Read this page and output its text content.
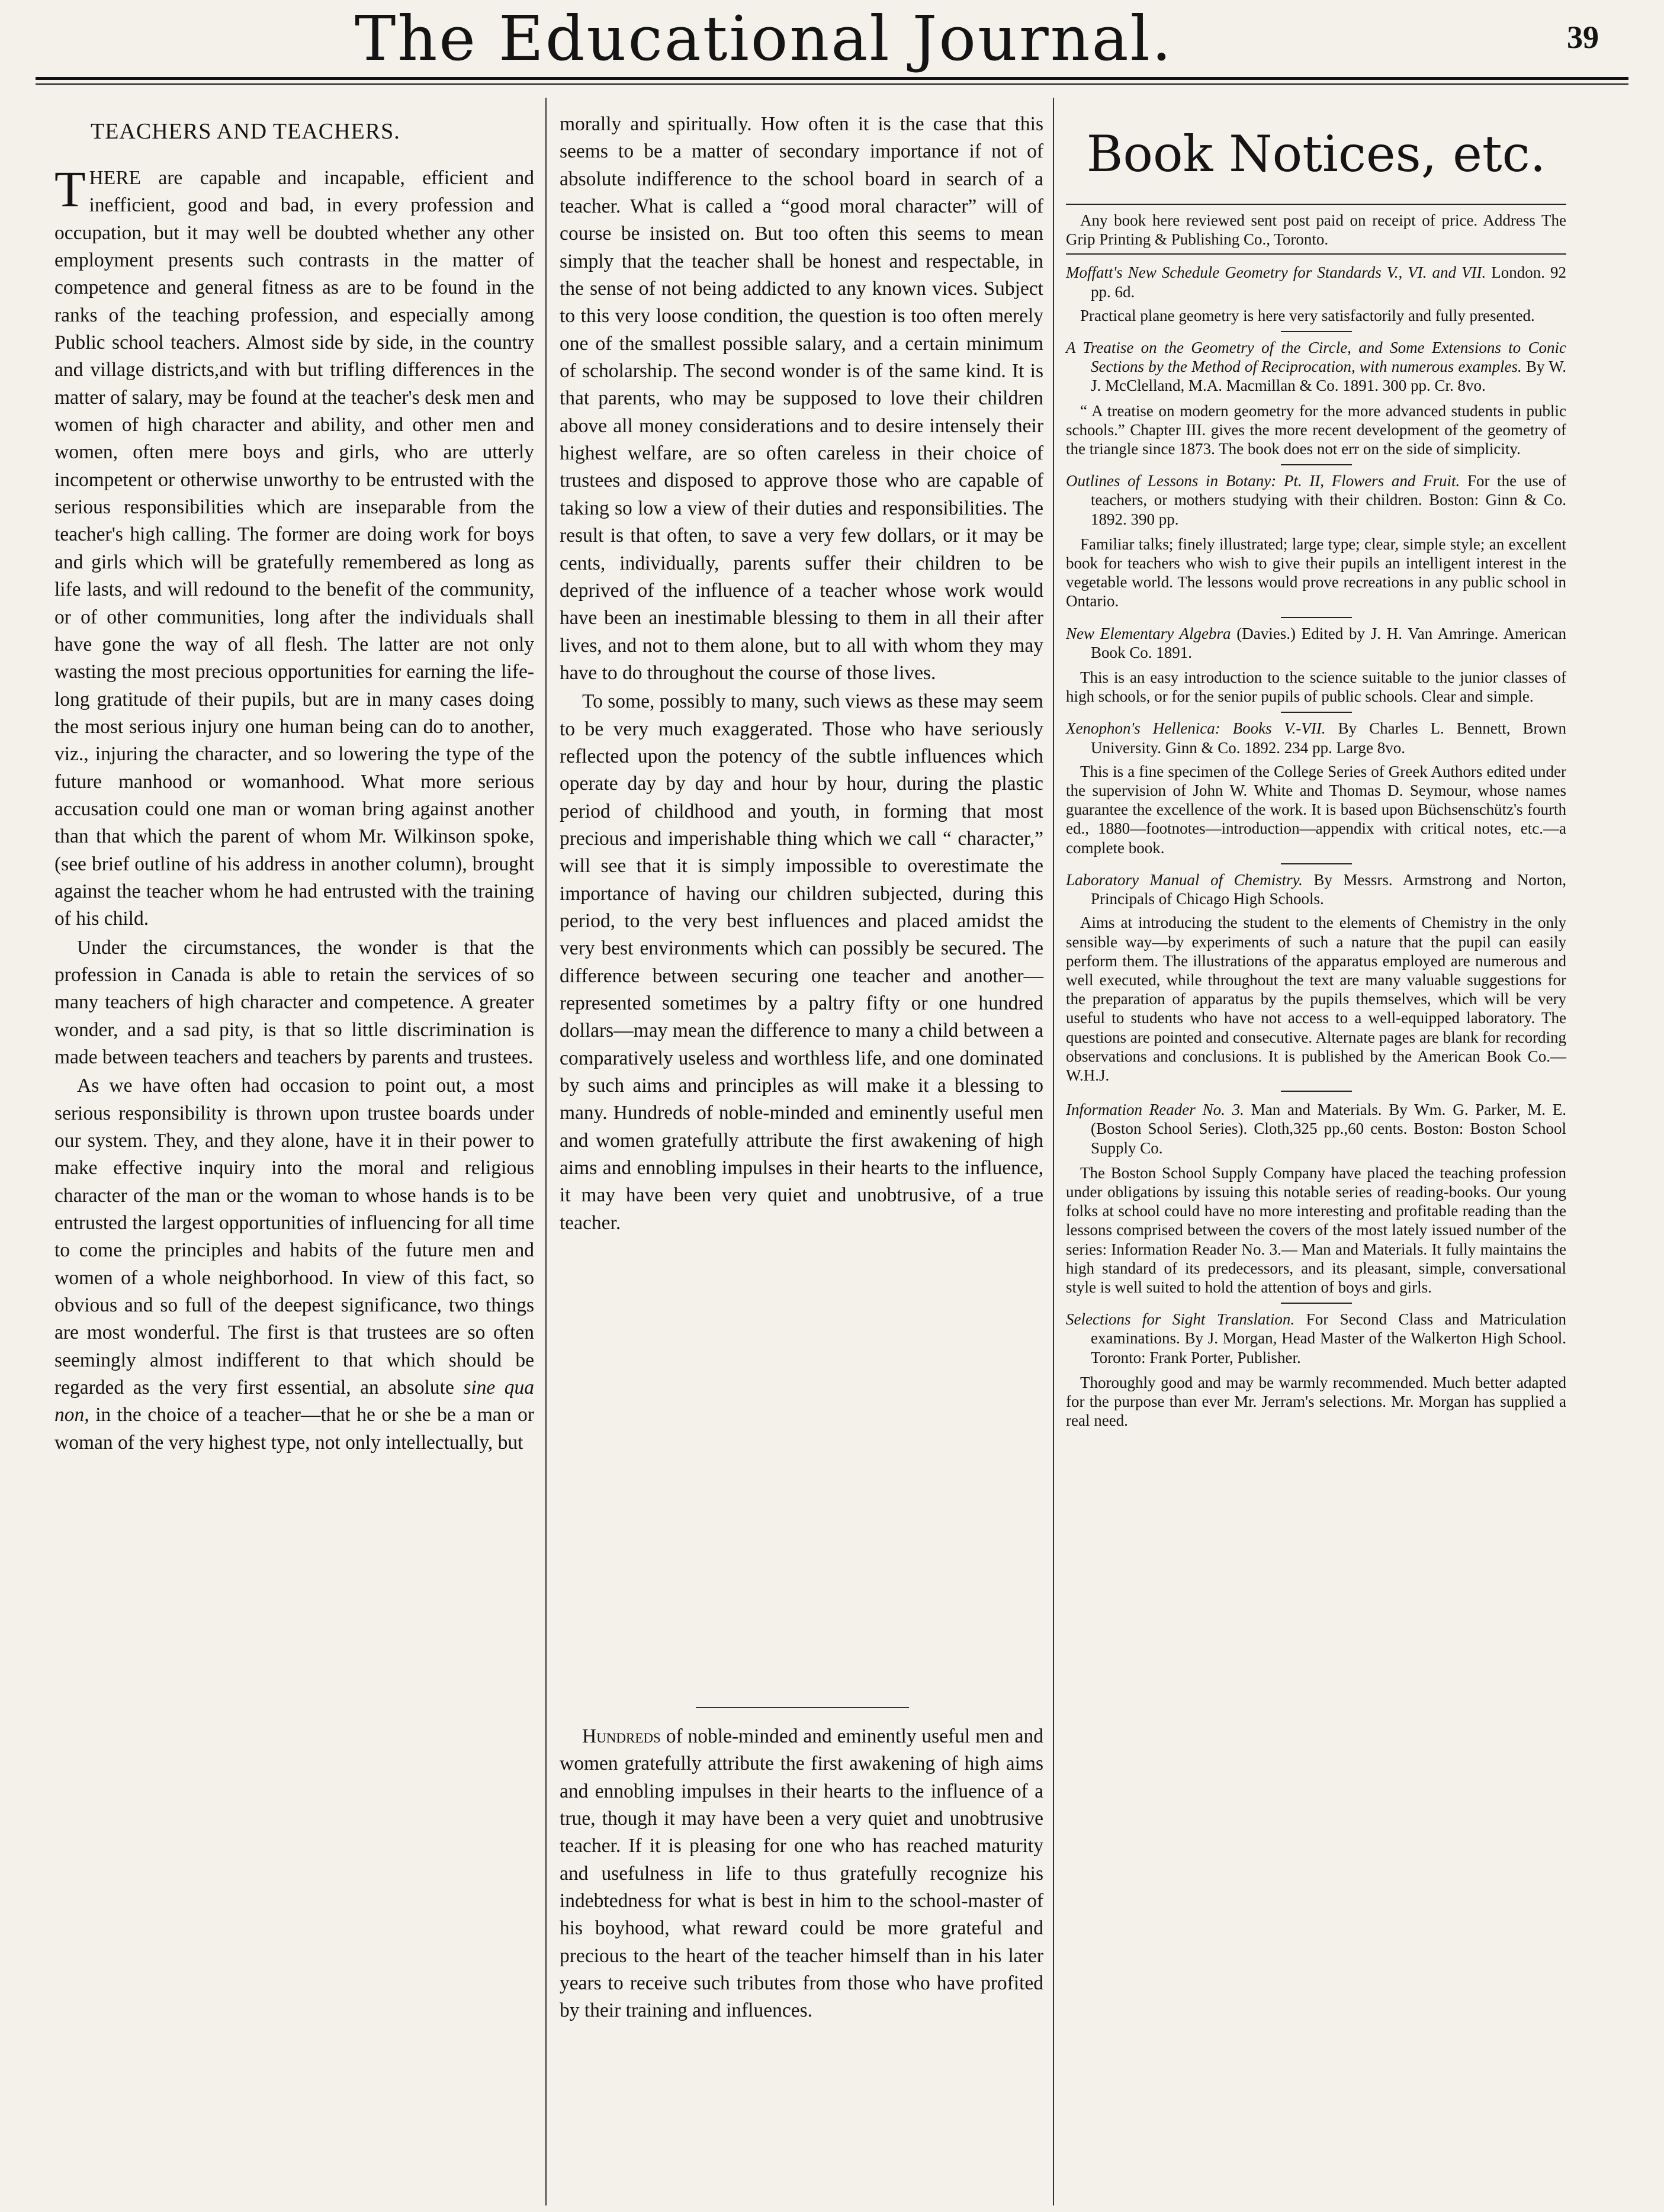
The Educational Journal.	39
TEACHERS AND TEACHERS.

THERE are capable and incapable, efficient and inefficient, good and bad, in every profession and occupation, but it may well be doubted whether any other employment presents such contrasts in the matter of competence and general fitness as are to be found in the ranks of the teaching profession, and especially among Public school teachers. Almost side by side, in the country and village districts,and with but trifling differences in the matter of salary, may be found at the teacher's desk men and women of high character and ability, and other men and women, often mere boys and girls, who are utterly incompetent or otherwise unworthy to be entrusted with the serious responsibilities which are inseparable from the teacher's high calling. The former are doing work for boys and girls which will be gratefully remembered as long as life lasts, and will redound to the benefit of the community, or of other communities, long after the individuals shall have gone the way of all flesh. The latter are not only wasting the most precious opportunities for earning the life-long gratitude of their pupils, but are in many cases doing the most serious injury one human being can do to another, viz., injuring the character, and so lowering the type of the future manhood or womanhood. What more serious accusation could one man or woman bring against another than that which the parent of whom Mr. Wilkinson spoke, (see brief outline of his address in another column), brought against the teacher whom he had entrusted with the training of his child.

Under the circumstances, the wonder is that the profession in Canada is able to retain the services of so many teachers of high character and competence. A greater wonder, and a sad pity, is that so little discrimination is made between teachers and teachers by parents and trustees.

As we have often had occasion to point out, a most serious responsibility is thrown upon trustee boards under our system. They, and they alone, have it in their power to make effective inquiry into the moral and religious character of the man or the woman to whose hands is to be entrusted the largest opportunities of influencing for all time to come the principles and habits of the future men and women of a whole neighborhood. In view of this fact, so obvious and so full of the deepest significance, two things are most wonderful. The first is that trustees are so often seemingly almost indifferent to that which should be regarded as the very first essential, an absolute sine qua non, in the choice of a teacher—that he or she be a man or woman of the very highest type, not only intellectually, but

morally and spiritually. How often it is the case that this seems to be a matter of secondary importance if not of absolute indifference to the school board in search of a teacher. What is called a “good moral character” will of course be insisted on. But too often this seems to mean simply that the teacher shall be honest and respectable, in the sense of not being addicted to any known vices. Subject to this very loose condition, the question is too often merely one of the smallest possible salary, and a certain minimum of scholarship. The second wonder is of the same kind. It is that parents, who may be supposed to love their children above all money considerations and to desire intensely their highest welfare, are so often careless in their choice of trustees and disposed to approve those who are capable of taking so low a view of their duties and responsibilities. The result is that often, to save a very few dollars, or it may be cents, individually, parents suffer their children to be deprived of the influence of a teacher whose work would have been an inestimable blessing to them in all their after lives, and not to them alone, but to all with whom they may have to do throughout the course of those lives.

To some, possibly to many, such views as these may seem to be very much exaggerated. Those who have seriously reflected upon the potency of the subtle influences which operate day by day and hour by hour, during the plastic period of childhood and youth, in forming that most precious and imperishable thing which we call “ character,” will see that it is simply impossible to overestimate the importance of having our children subjected, during this period, to the very best influences and placed amidst the very best environments which can possibly be secured. The difference between securing one teacher and another—represented sometimes by a paltry fifty or one hundred dollars—may mean the difference to many a child between a comparatively useless and worthless life, and one dominated by such aims and principles as will make it a blessing to many. Hundreds of noble-minded and eminently useful men and women gratefully attribute the first awakening of high aims and ennobling impulses in their hearts to the influence, it may have been very quiet and unobtrusive, of a true teacher.

Hundreds of noble-minded and eminently useful men and women gratefully attribute the first awakening of high aims and ennobling impulses in their hearts to the influence of a true, though it may have been a very quiet and unobtrusive teacher. If it is pleasing for one who has reached maturity and usefulness in life to thus gratefully recognize his indebtedness for what is best in him to the school-master of his boyhood, what reward could be more grateful and precious to the heart of the teacher himself than in his later years to receive such tributes from those who have profited by their training and influences.

Book Notices, etc.

Any book here reviewed sent post paid on receipt of price. Address The Grip Printing & Publishing Co., Toronto.

Moffatt's New Schedule Geometry for Standards V., VI. and VII. London. 92 pp. 6d.

Practical plane geometry is here very satisfactorily and fully presented.

A Treatise on the Geometry of the Circle, and Some Extensions to Conic Sections by the Method of Reciprocation, with numerous examples. By W. J. McClelland, M.A. Macmillan & Co. 1891. 300 pp. Cr. 8vo.

“ A treatise on modern geometry for the more advanced students in public schools.” Chapter III. gives the more recent development of the geometry of the triangle since 1873. The book does not err on the side of simplicity.

Outlines of Lessons in Botany: Pt. II, Flowers and Fruit. For the use of teachers, or mothers studying with their children. Boston: Ginn & Co. 1892. 390 pp.

Familiar talks; finely illustrated; large type; clear, simple style; an excellent book for teachers who wish to give their pupils an intelligent interest in the vegetable world. The lessons would prove recreations in any public school in Ontario.

New Elementary Algebra (Davies.) Edited by J. H. Van Amringe. American Book Co. 1891.

This is an easy introduction to the science suitable to the junior classes of high schools, or for the senior pupils of public schools. Clear and simple.

Xenophon's Hellenica: Books V.-VII. By Charles L. Bennett, Brown University. Ginn & Co. 1892. 234 pp. Large 8vo.

This is a fine specimen of the College Series of Greek Authors edited under the supervision of John W. White and Thomas D. Seymour, whose names guarantee the excellence of the work. It is based upon Büchsenschütz's fourth ed., 1880—footnotes—introduction—appendix with critical notes, etc.—a complete book.

Laboratory Manual of Chemistry. By Messrs. Armstrong and Norton, Principals of Chicago High Schools.

Aims at introducing the student to the elements of Chemistry in the only sensible way—by experiments of such a nature that the pupil can easily perform them. The illustrations of the apparatus employed are numerous and well executed, while throughout the text are many valuable suggestions for the preparation of apparatus by the pupils themselves, which will be very useful to students who have not access to a well-equipped laboratory. The questions are pointed and consecutive. Alternate pages are blank for recording observations and conclusions. It is published by the American Book Co.—W.H.J.

Information Reader No. 3. Man and Materials. By Wm. G. Parker, M. E. (Boston School Series). Cloth,325 pp.,60 cents. Boston: Boston School Supply Co.

The Boston School Supply Company have placed the teaching profession under obligations by issuing this notable series of reading-books. Our young folks at school could have no more interesting and profitable reading than the lessons comprised between the covers of the most lately issued number of the series: Information Reader No. 3.— Man and Materials. It fully maintains the high standard of its predecessors, and its pleasant, simple, conversational style is well suited to hold the attention of boys and girls.

Selections for Sight Translation. For Second Class and Matriculation examinations. By J. Morgan, Head Master of the Walkerton High School. Toronto: Frank Porter, Publisher.

Thoroughly good and may be warmly recommended. Much better adapted for the purpose than ever Mr. Jerram's selections. Mr. Morgan has supplied a real need.
